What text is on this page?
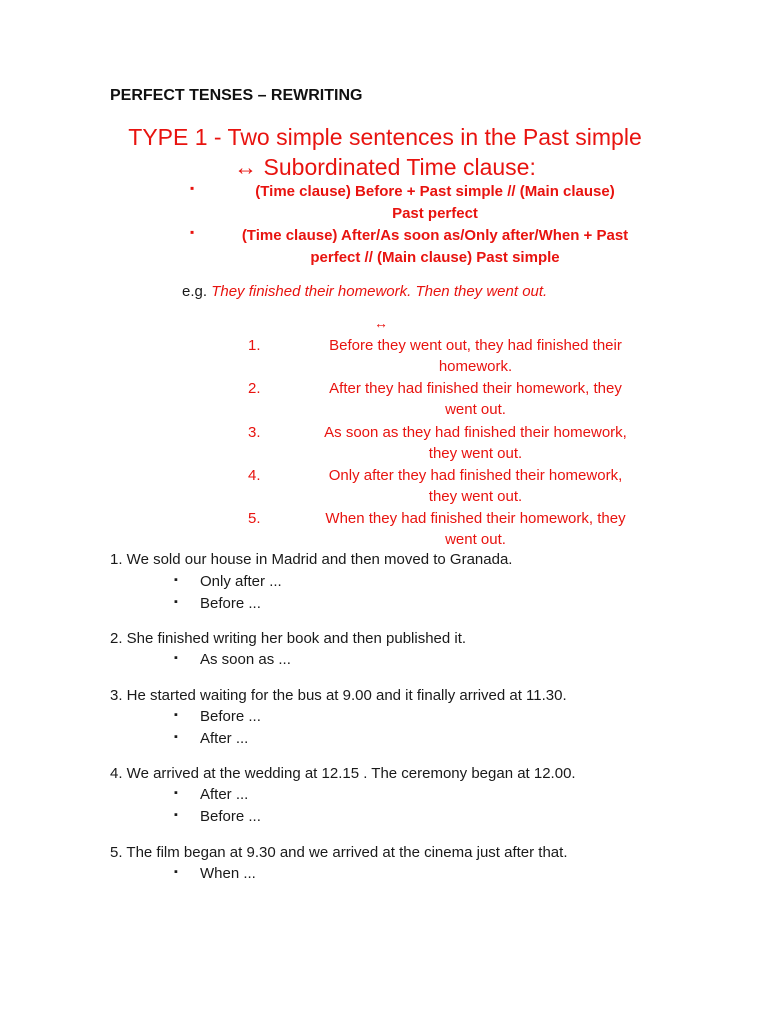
PERFECT TENSES – REWRITING
TYPE 1 - Two simple sentences in the Past simple
↔ Subordinated Time clause:
▪	(Time clause) Before + Past simple // (Main clause)
Past perfect
▪	(Time clause) After/As soon as/Only after/When + Past
perfect // (Main clause) Past simple
e.g. They finished their homework. Then they went out.
↔
1.	Before they went out, they had finished their
homework.
2.	After they had finished their homework, they
went out.
3.	As soon as they had finished their homework,
they went out.
4.	Only after they had finished their homework,
they went out.
5.	When they had finished their homework, they
went out.
1. We sold our house in Madrid and then moved to Granada.
▪ Only after ...
▪ Before ...
2. She finished writing her book and then published it.
▪ As soon as ...
3. He started waiting for the bus at 9.00 and it finally arrived at 11.30.
▪ Before ...
▪ After ...
4. We arrived at the wedding at 12.15 . The ceremony began at 12.00.
▪ After ...
▪ Before ...
5. The film began at 9.30 and we arrived at the cinema just after that.
▪ When ...
